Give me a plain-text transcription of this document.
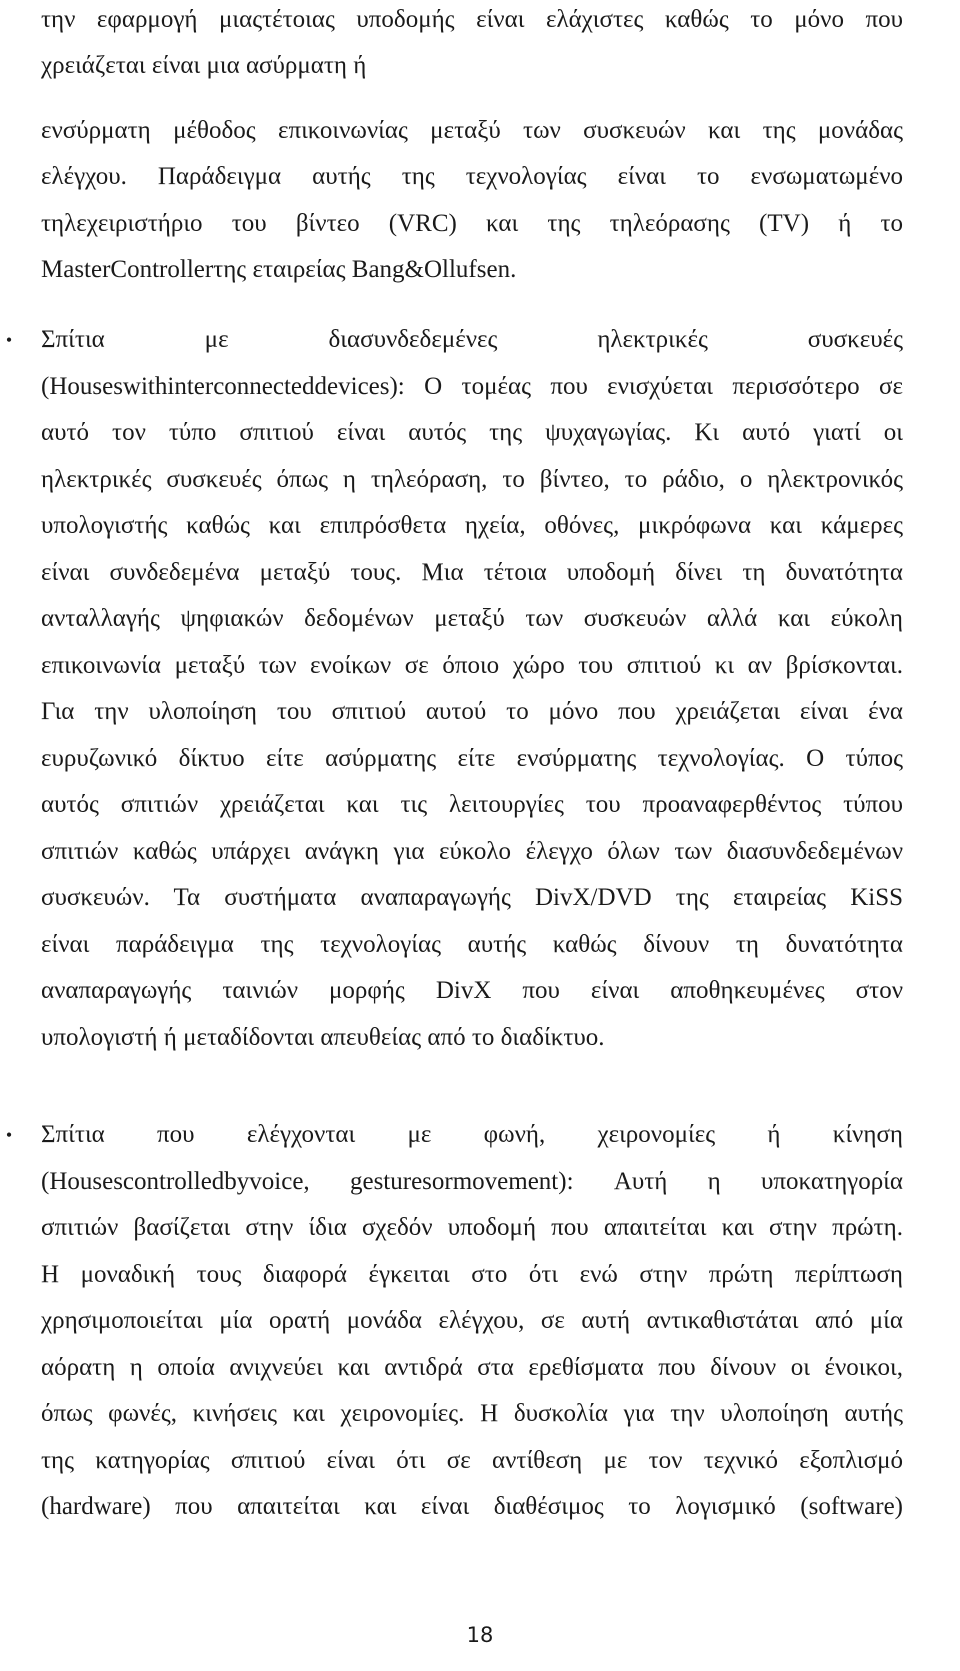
την εφαρμογή μιαςτέτοιας υποδομής είναι ελάχιστες καθώς το μόνο που
χρειάζεται είναι μια ασύρματη ή
ενσύρματη μέθοδος επικοινωνίας μεταξύ των συσκευών και της μονάδας
ελέγχου. Παράδειγμα αυτής της τεχνολογίας είναι το ενσωματωμένο
τηλεχειριστήριο του βίντεο (VRC) και της τηλεόρασης (TV) ή το
MasterControllerτης εταιρείας Bang&Ollufsen.
• Σπίτια με διασυνδεδεμένες ηλεκτρικές συσκευές
(Houseswithinterconnecteddevices): Ο τομέας που ενισχύεται περισσότερο σε
αυτό τον τύπο σπιτιού είναι αυτός της ψυχαγωγίας. Κι αυτό γιατί οι
ηλεκτρικές συσκευές όπως η τηλεόραση, το βίντεο, το ράδιο, ο ηλεκτρονικός
υπολογιστής καθώς και επιπρόσθετα ηχεία, οθόνες, μικρόφωνα και κάμερες
είναι συνδεδεμένα μεταξύ τους. Μια τέτοια υποδομή δίνει τη δυνατότητα
ανταλλαγής ψηφιακών δεδομένων μεταξύ των συσκευών αλλά και εύκολη
επικοινωνία μεταξύ των ενοίκων σε όποιο χώρο του σπιτιού κι αν βρίσκονται.
Για την υλοποίηση του σπιτιού αυτού το μόνο που χρειάζεται είναι ένα
ευρυζωνικό δίκτυο είτε ασύρματης είτε ενσύρματης τεχνολογίας. Ο τύπος
αυτός σπιτιών χρειάζεται και τις λειτουργίες του προαναφερθέντος τύπου
σπιτιών καθώς υπάρχει ανάγκη για εύκολο έλεγχο όλων των διασυνδεδεμένων
συσκευών. Τα συστήματα αναπαραγωγής DivX/DVD της εταιρείας KiSS
είναι παράδειγμα της τεχνολογίας αυτής καθώς δίνουν τη δυνατότητα
αναπαραγωγής ταινιών μορφής DivX που είναι αποθηκευμένες στον
υπολογιστή ή μεταδίδονται απευθείας από το διαδίκτυο.
• Σπίτια που ελέγχονται με φωνή, χειρονομίες ή κίνηση
(Housescontrolledbyvoice, gesturesormovement): Αυτή η υποκατηγορία
σπιτιών βασίζεται στην ίδια σχεδόν υποδομή που απαιτείται και στην πρώτη.
Η μοναδική τους διαφορά έγκειται στο ότι ενώ στην πρώτη περίπτωση
χρησιμοποιείται μία ορατή μονάδα ελέγχου, σε αυτή αντικαθιστάται από μία
αόρατη η οποία ανιχνεύει και αντιδρά στα ερεθίσματα που δίνουν οι ένοικοι,
όπως φωνές, κινήσεις και χειρονομίες. Η δυσκολία για την υλοποίηση αυτής
της κατηγορίας σπιτιού είναι ότι σε αντίθεση με τον τεχνικό εξοπλισμό
(hardware) που απαιτείται και είναι διαθέσιμος το λογισμικό (software)
18
